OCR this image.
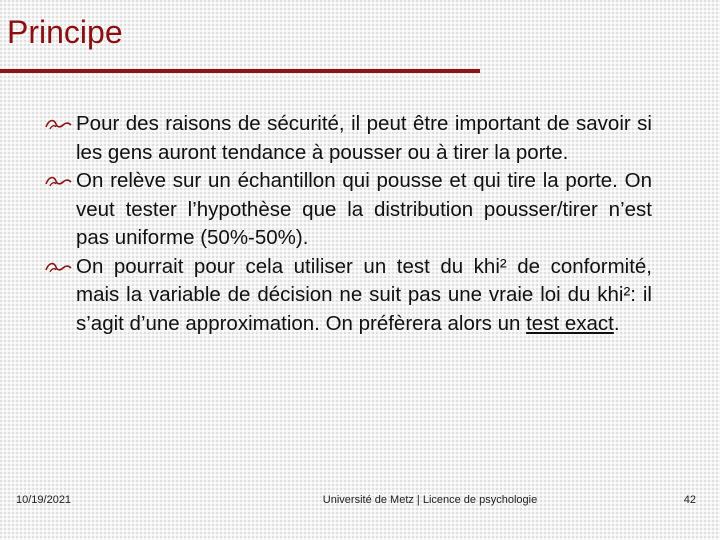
Principe
Pour des raisons de sécurité, il peut être important de savoir si les gens auront tendance à pousser ou à tirer la porte.
On relève sur un échantillon qui pousse et qui tire la porte. On veut tester l’hypothèse que la distribution pousser/tirer n’est pas uniforme (50%-50%).
On pourrait pour cela utiliser un test du khi² de conformité, mais la variable de décision ne suit pas une vraie loi du khi²: il s’agit d’une approximation. On préfèrera alors un test exact.
10/19/2021	Université de Metz | Licence de psychologie	42
